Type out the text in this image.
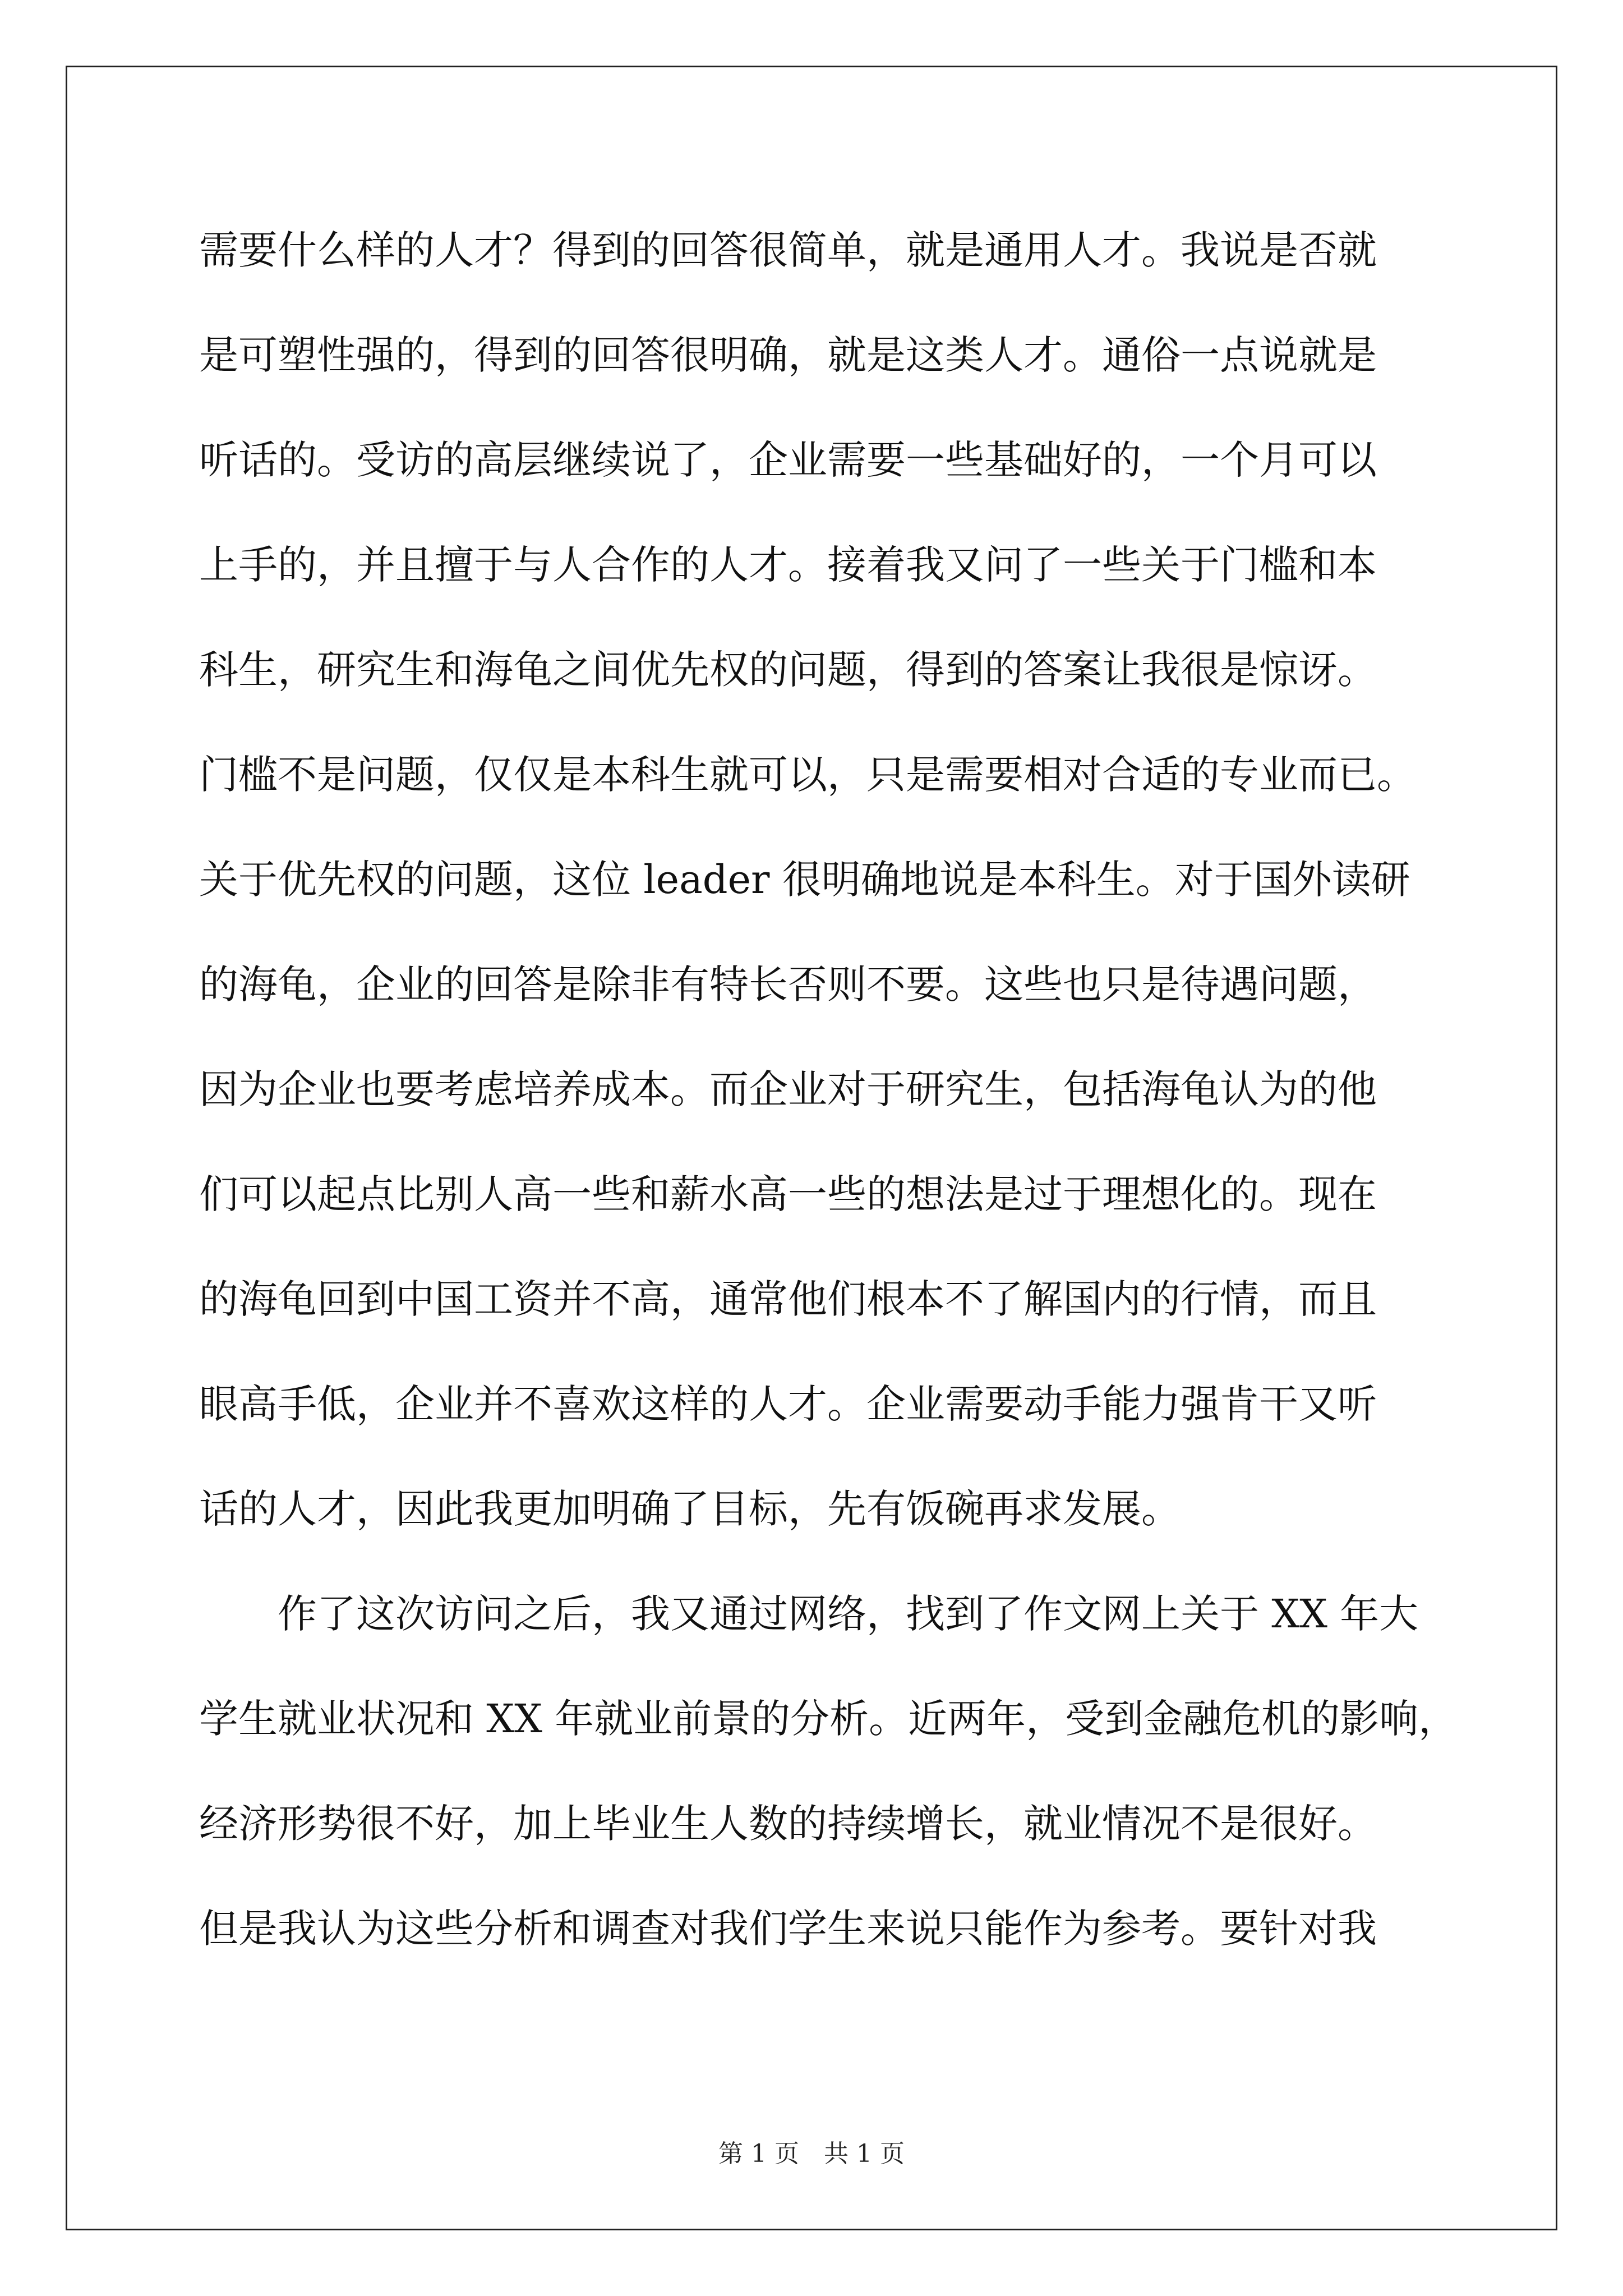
需要什么样的人才？得到的回答很简单，就是通用人才。我说是否就
是可塑性强的，得到的回答很明确，就是这类人才。通俗一点说就是
听话的。受访的高层继续说了，企业需要一些基础好的，一个月可以
上手的，并且擅于与人合作的人才。接着我又问了一些关于门槛和本
科生，研究生和海龟之间优先权的问题，得到的答案让我很是惊讶。
门槛不是问题，仅仅是本科生就可以，只是需要相对合适的专业而已。
关于优先权的问题，这位 leader 很明确地说是本科生。对于国外读研
的海龟，企业的回答是除非有特长否则不要。这些也只是待遇问题，
因为企业也要考虑培养成本。而企业对于研究生，包括海龟认为的他
们可以起点比别人高一些和薪水高一些的想法是过于理想化的。现在
的海龟回到中国工资并不高，通常他们根本不了解国内的行情，而且
眼高手低，企业并不喜欢这样的人才。企业需要动手能力强肯干又听
话的人才，因此我更加明确了目标，先有饭碗再求发展。
　　作了这次访问之后，我又通过网络，找到了作文网上关于 XX 年大
学生就业状况和 XX 年就业前景的分析。近两年，受到金融危机的影响，
经济形势很不好，加上毕业生人数的持续增长，就业情况不是很好。
但是我认为这些分析和调查对我们学生来说只能作为参考。要针对我
第 1 页　共 1 页
